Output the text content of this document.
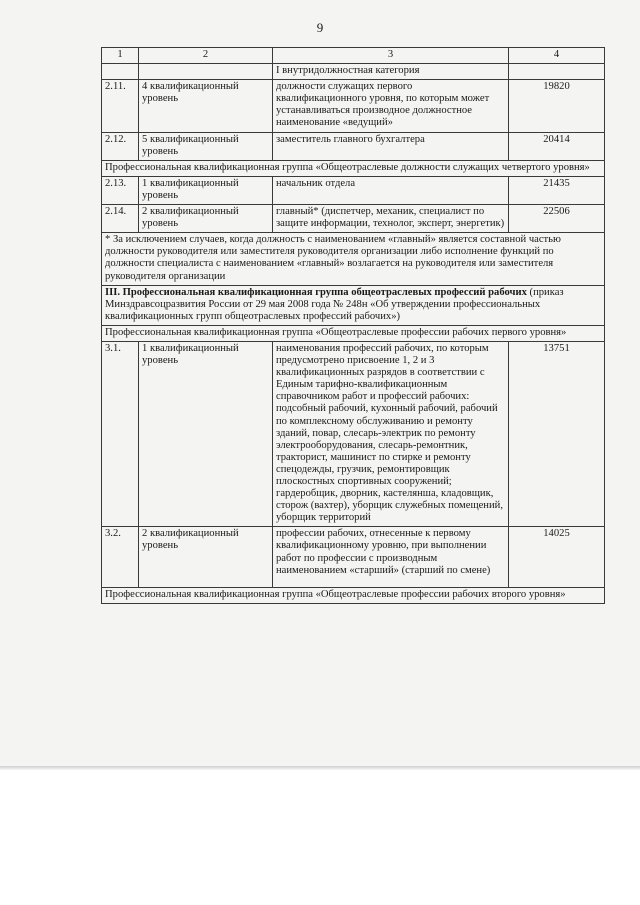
9
1	2	3	4
		I внутридолжностная категория	
2.11.	4 квалификационный уровень	должности служащих первого квалификационного уровня, по которым может устанавливаться производное должностное наименование «ведущий»	19820
2.12.	5 квалификационный уровень	заместитель главного бухгалтера	20414
Профессиональная квалификационная группа «Общеотраслевые должности служащих четвертого уровня»			
2.13.	1 квалификационный уровень	начальник отдела	21435
2.14.	2 квалификационный уровень	главный* (диспетчер, механик, специалист по защите информации, технолог, эксперт, энергетик)	22506
* За исключением случаев, когда должность с наименованием «главный» является составной частью должности руководителя или заместителя руководителя организации либо исполнение функций по должности специалиста с наименованием «главный» возлагается на руководителя или заместителя руководителя организации			
III. Профессиональная квалификационная группа общеотраслевых профессий рабочих (приказ Минздравсоцразвития России от 29 мая 2008 года № 248н «Об утверждении профессиональных квалификационных групп общеотраслевых профессий рабочих»)			
Профессиональная квалификационная группа «Общеотраслевые профессии рабочих первого уровня»			
3.1.	1 квалификационный уровень	наименования профессий рабочих, по которым предусмотрено присвоение 1, 2 и 3 квалификационных разрядов в соответствии с Единым тарифно-квалификационным справочником работ и профессий рабочих: подсобный рабочий, кухонный рабочий, рабочий по комплексному обслуживанию и ремонту зданий, повар, слесарь-электрик по ремонту электрооборудования, слесарь-ремонтник, тракторист, машинист по стирке и ремонту спецодежды, грузчик, ремонтировщик плоскостных спортивных сооружений; гардеробщик, дворник, кастелянша, кладовщик, сторож (вахтер), уборщик служебных помещений, уборщик территорий	13751
3.2.	2 квалификационный уровень	профессии рабочих, отнесенные к первому квалификационному уровню, при выполнении работ по профессии с производным наименованием «старший» (старший по смене)	14025
Профессиональная квалификационная группа «Общеотраслевые профессии рабочих второго уровня»			
